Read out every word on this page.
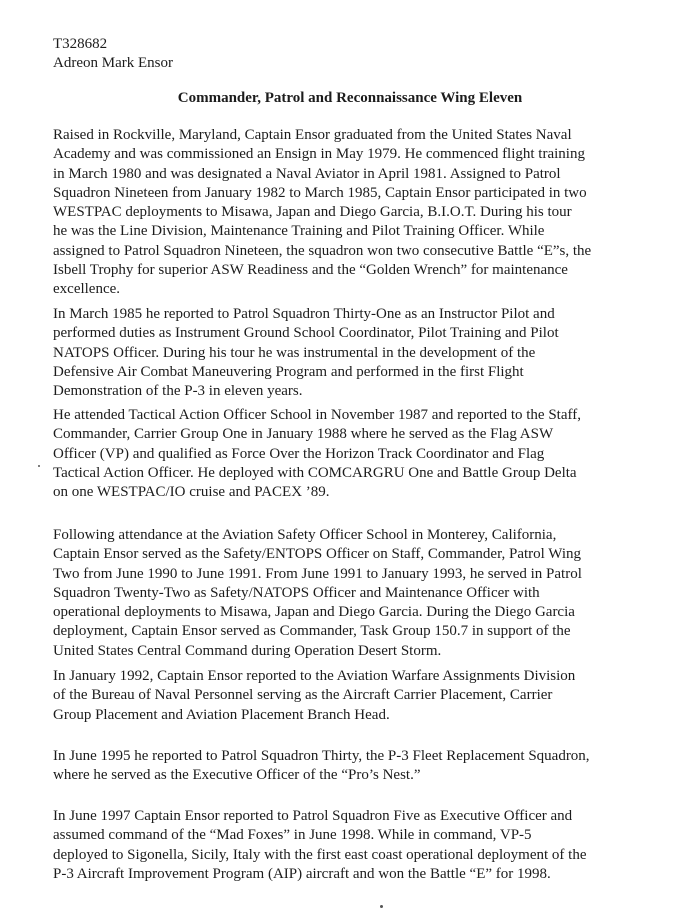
T328682
Adreon Mark Ensor
Commander, Patrol and Reconnaissance Wing Eleven

Raised in Rockville, Maryland, Captain Ensor graduated from the United States Naval
Academy and was commissioned an Ensign in May 1979. He commenced flight training
in March 1980 and was designated a Naval Aviator in April 1981. Assigned to Patrol
Squadron Nineteen from January 1982 to March 1985, Captain Ensor participated in two
WESTPAC deployments to Misawa, Japan and Diego Garcia, B.I.O.T. During his tour
he was the Line Division, Maintenance Training and Pilot Training Officer. While
assigned to Patrol Squadron Nineteen, the squadron won two consecutive Battle “E”s, the
Isbell Trophy for superior ASW Readiness and the “Golden Wrench” for maintenance
excellence.

In March 1985 he reported to Patrol Squadron Thirty-One as an Instructor Pilot and
performed duties as Instrument Ground School Coordinator, Pilot Training and Pilot
NATOPS Officer. During his tour he was instrumental in the development of the
Defensive Air Combat Maneuvering Program and performed in the first Flight
Demonstration of the P-3 in eleven years.

He attended Tactical Action Officer School in November 1987 and reported to the Staff,
Commander, Carrier Group One in January 1988 where he served as the Flag ASW
Officer (VP) and qualified as Force Over the Horizon Track Coordinator and Flag
Tactical Action Officer. He deployed with COMCARGRU One and Battle Group Delta
on one WESTPAC/IO cruise and PACEX ’89.

Following attendance at the Aviation Safety Officer School in Monterey, California,
Captain Ensor served as the Safety/ENTOPS Officer on Staff, Commander, Patrol Wing
Two from June 1990 to June 1991. From June 1991 to January 1993, he served in Patrol
Squadron Twenty-Two as Safety/NATOPS Officer and Maintenance Officer with
operational deployments to Misawa, Japan and Diego Garcia. During the Diego Garcia
deployment, Captain Ensor served as Commander, Task Group 150.7 in support of the
United States Central Command during Operation Desert Storm.

In January 1992, Captain Ensor reported to the Aviation Warfare Assignments Division
of the Bureau of Naval Personnel serving as the Aircraft Carrier Placement, Carrier
Group Placement and Aviation Placement Branch Head.

In June 1995 he reported to Patrol Squadron Thirty, the P-3 Fleet Replacement Squadron,
where he served as the Executive Officer of the “Pro’s Nest.”

In June 1997 Captain Ensor reported to Patrol Squadron Five as Executive Officer and
assumed command of the “Mad Foxes” in June 1998. While in command, VP-5
deployed to Sigonella, Sicily, Italy with the first east coast operational deployment of the
P-3 Aircraft Improvement Program (AIP) aircraft and won the Battle “E” for 1998.
